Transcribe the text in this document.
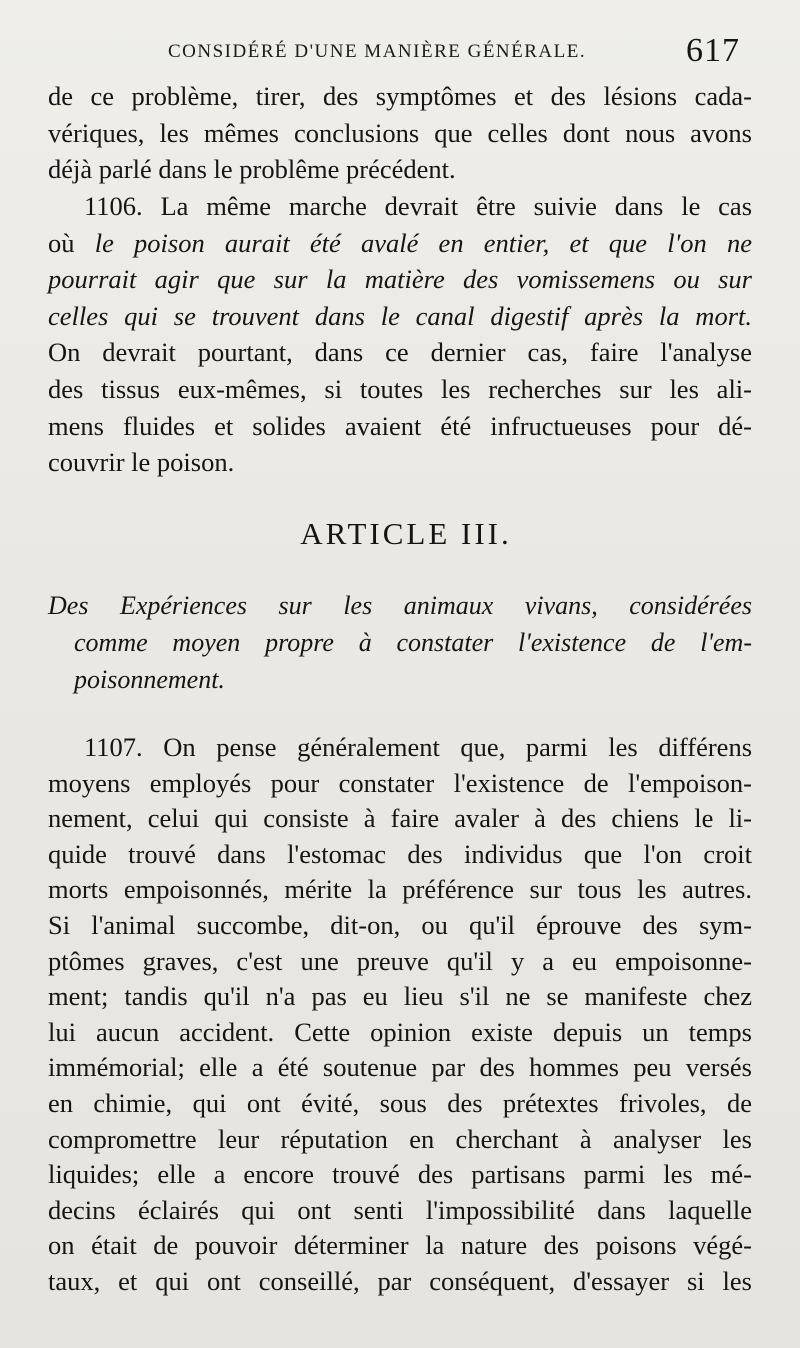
CONSIDÉRÉ D'UNE MANIÈRE GÉNÉRALE.	617
de ce problème, tirer, des symptômes et des lésions cada-
vériques, les mêmes conclusions que celles dont nous avons
déjà parlé dans le problême précédent.
1106. La même marche devrait être suivie dans le cas
où le poison aurait été avalé en entier, et que l'on ne
pourrait agir que sur la matière des vomissemens ou sur
celles qui se trouvent dans le canal digestif après la mort.
On devrait pourtant, dans ce dernier cas, faire l'analyse
des tissus eux-mêmes, si toutes les recherches sur les ali-
mens fluides et solides avaient été infructueuses pour dé-
couvrir le poison.
ARTICLE III.
Des Expériences sur les animaux vivans, considérées
comme moyen propre à constater l'existence de l'em-
poisonnement.
1107. On pense généralement que, parmi les différens
moyens employés pour constater l'existence de l'empoison-
nement, celui qui consiste à faire avaler à des chiens le li-
quide trouvé dans l'estomac des individus que l'on croit
morts empoisonnés, mérite la préférence sur tous les autres.
Si l'animal succombe, dit-on, ou qu'il éprouve des sym-
ptômes graves, c'est une preuve qu'il y a eu empoisonne-
ment; tandis qu'il n'a pas eu lieu s'il ne se manifeste chez
lui aucun accident. Cette opinion existe depuis un temps
immémorial; elle a été soutenue par des hommes peu versés
en chimie, qui ont évité, sous des prétextes frivoles, de
compromettre leur réputation en cherchant à analyser les
liquides; elle a encore trouvé des partisans parmi les mé-
decins éclairés qui ont senti l'impossibilité dans laquelle
on était de pouvoir déterminer la nature des poisons végé-
taux, et qui ont conseillé, par conséquent, d'essayer si les
